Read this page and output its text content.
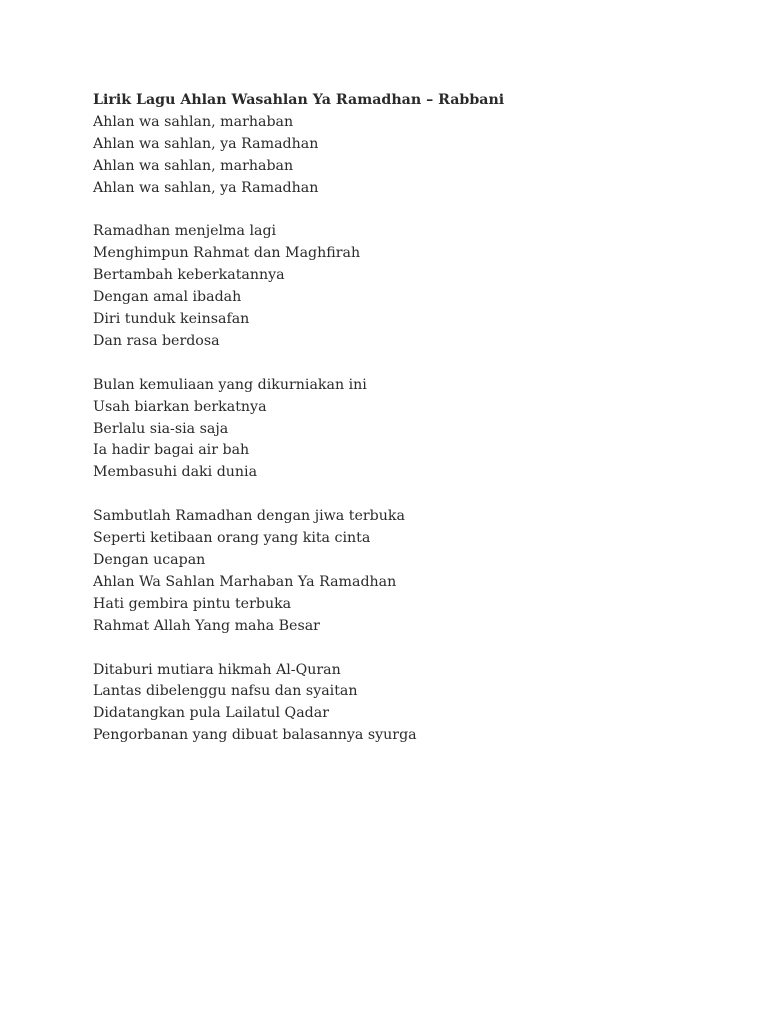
Lirik Lagu Ahlan Wasahlan Ya Ramadhan – Rabbani
Ahlan wa sahlan, marhaban
Ahlan wa sahlan, ya Ramadhan
Ahlan wa sahlan, marhaban
Ahlan wa sahlan, ya Ramadhan
Ramadhan menjelma lagi
Menghimpun Rahmat dan Maghfirah
Bertambah keberkatannya
Dengan amal ibadah
Diri tunduk keinsafan
Dan rasa berdosa
Bulan kemuliaan yang dikurniakan ini
Usah biarkan berkatnya
Berlalu sia-sia saja
Ia hadir bagai air bah
Membasuhi daki dunia
Sambutlah Ramadhan dengan jiwa terbuka
Seperti ketibaan orang yang kita cinta
Dengan ucapan
Ahlan Wa Sahlan Marhaban Ya Ramadhan
Hati gembira pintu terbuka
Rahmat Allah Yang maha Besar
Ditaburi mutiara hikmah Al-Quran
Lantas dibelenggu nafsu dan syaitan
Didatangkan pula Lailatul Qadar
Pengorbanan yang dibuat balasannya syurga
